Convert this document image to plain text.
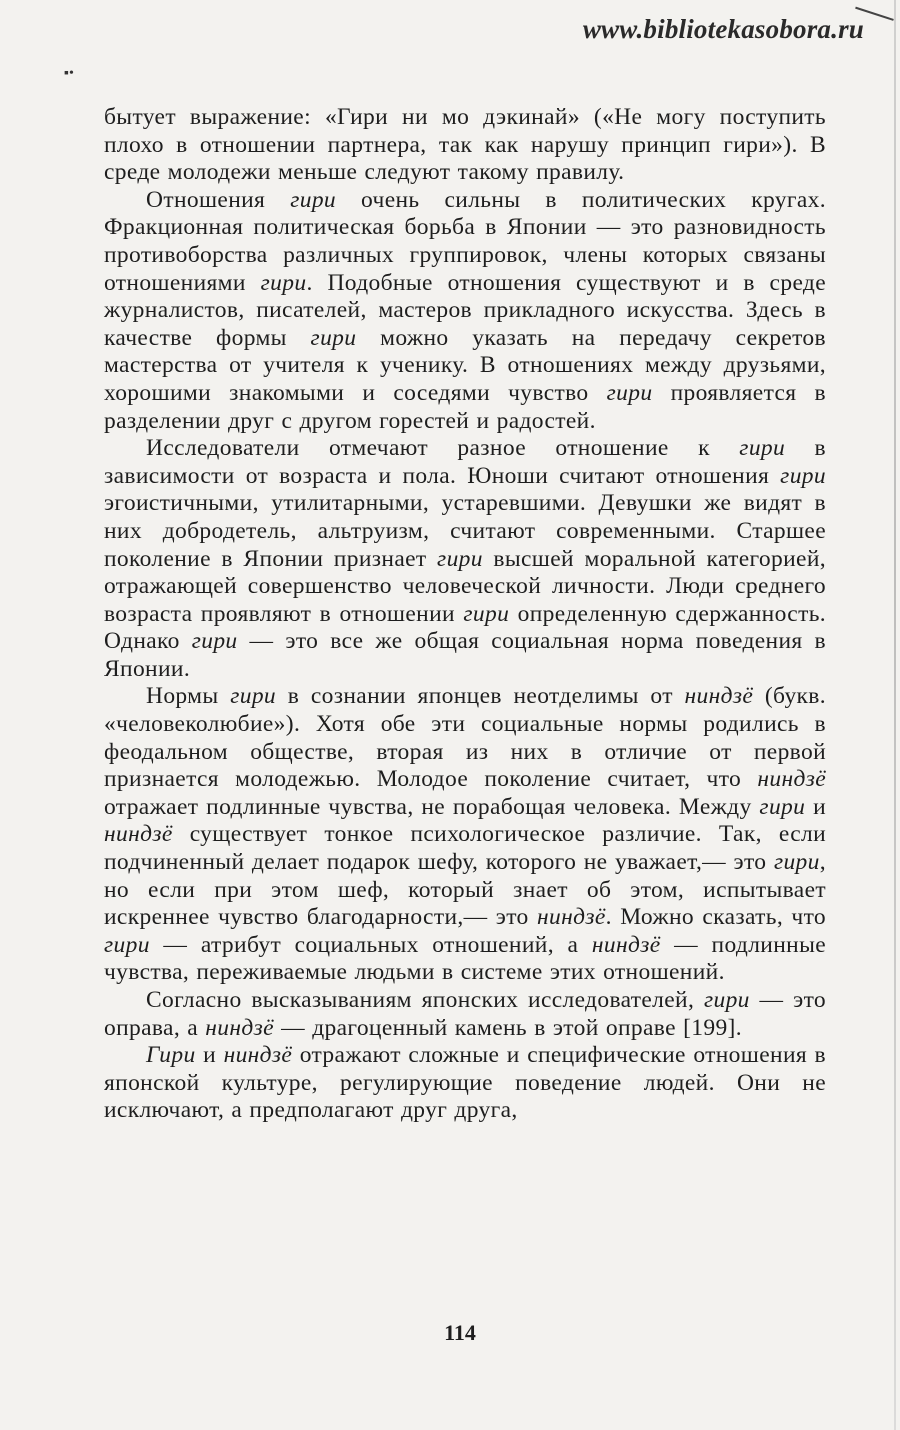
www.bibliotekasobora.ru
▪•

бытует выражение: «Гири ни мо дэкинай» («Не могу поступить плохо в отношении партнера, так как нарушу принцип гири»). В среде молодежи меньше следуют такому правилу.

Отношения гири очень сильны в политических кругах. Фракционная политическая борьба в Японии — это разновидность противоборства различных группировок, члены которых связаны отношениями гири. Подобные отношения существуют и в среде журналистов, писателей, мастеров прикладного искусства. Здесь в качестве формы гири можно указать на передачу секретов мастерства от учителя к ученику. В отношениях между друзьями, хорошими знакомыми и соседями чувство гири проявляется в разделении друг с другом горестей и радостей.

Исследователи отмечают разное отношение к гири в зависимости от возраста и пола. Юноши считают отношения гири эгоистичными, утилитарными, устаревшими. Девушки же видят в них добродетель, альтруизм, считают современными. Старшее поколение в Японии признает гири высшей моральной категорией, отражающей совершенство человеческой личности. Люди среднего возраста проявляют в отношении гири определенную сдержанность. Однако гири — это все же общая социальная норма поведения в Японии.

Нормы гири в сознании японцев неотделимы от ниндзё (букв. «человеколюбие»). Хотя обе эти социальные нормы родились в феодальном обществе, вторая из них в отличие от первой признается молодежью. Молодое поколение считает, что ниндзё отражает подлинные чувства, не порабощая человека. Между гири и ниндзё существует тонкое психологическое различие. Так, если подчиненный делает подарок шефу, которого не уважает,— это гири, но если при этом шеф, который знает об этом, испытывает искреннее чувство благодарности,— это ниндзё. Можно сказать, что гири — атрибут социальных отношений, а ниндзё — подлинные чувства, переживаемые людьми в системе этих отношений.

Согласно высказываниям японских исследователей, гири — это оправа, а ниндзё — драгоценный камень в этой оправе [199].

Гири и ниндзё отражают сложные и специфические отношения в японской культуре, регулирующие поведение людей. Они не исключают, а предполагают друг друга,

114
